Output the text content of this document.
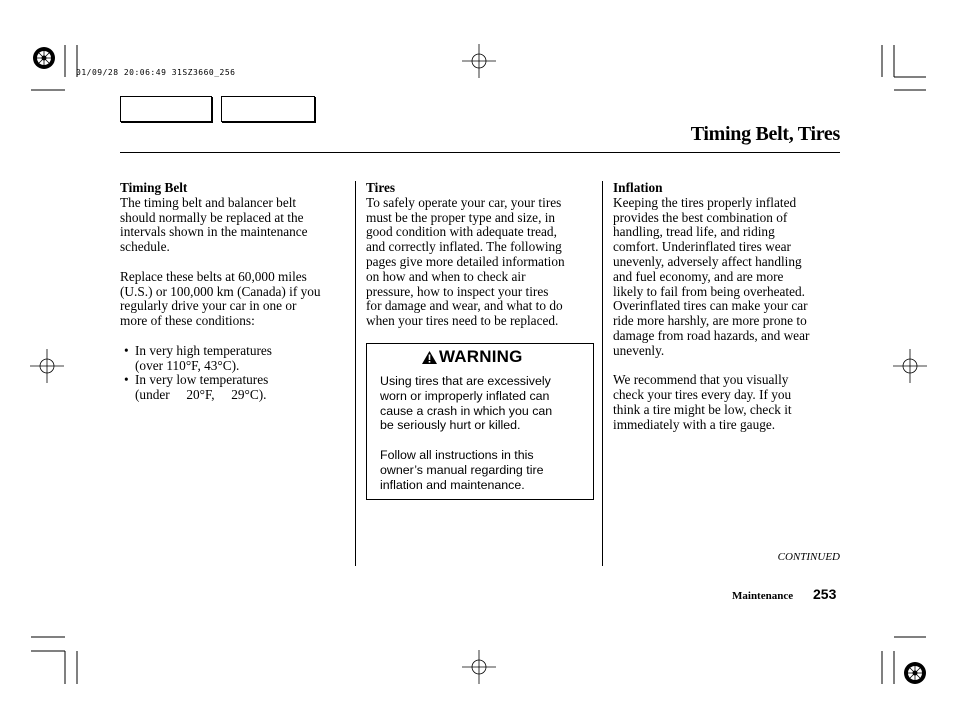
01/09/28 20:06:49 31SZ3660_256
Timing Belt, Tires

Timing Belt

The timing belt and balancer belt

should normally be replaced at the

intervals shown in the maintenance

schedule.

Replace these belts at 60,000 miles

(U.S.) or 100,000 km (Canada) if you

regularly drive your car in one or

more of these conditions:

• In very high temperatures

(over 110°F, 43°C).

• In very low temperatures

(under     20°F,     29°C).

Tires

To safely operate your car, your tires

must be the proper type and size, in

good condition with adequate tread,

and correctly inflated. The following

pages give more detailed information

on how and when to check air

pressure, how to inspect your tires

for damage and wear, and what to do

when your tires need to be replaced.

WARNING

Using tires that are excessively

worn or improperly inflated can

cause a crash in which you can

be seriously hurt or killed.

Follow all instructions in this

owner’s manual regarding tire

inflation and maintenance.

Inflation

Keeping the tires properly inflated

provides the best combination of

handling, tread life, and riding

comfort. Underinflated tires wear

unevenly, adversely affect handling

and fuel economy, and are more

likely to fail from being overheated.

Overinflated tires can make your car

ride more harshly, are more prone to

damage from road hazards, and wear

unevenly.

We recommend that you visually

check your tires every day. If you

think a tire might be low, check it

immediately with a tire gauge.

CONTINUED
Maintenance 253
